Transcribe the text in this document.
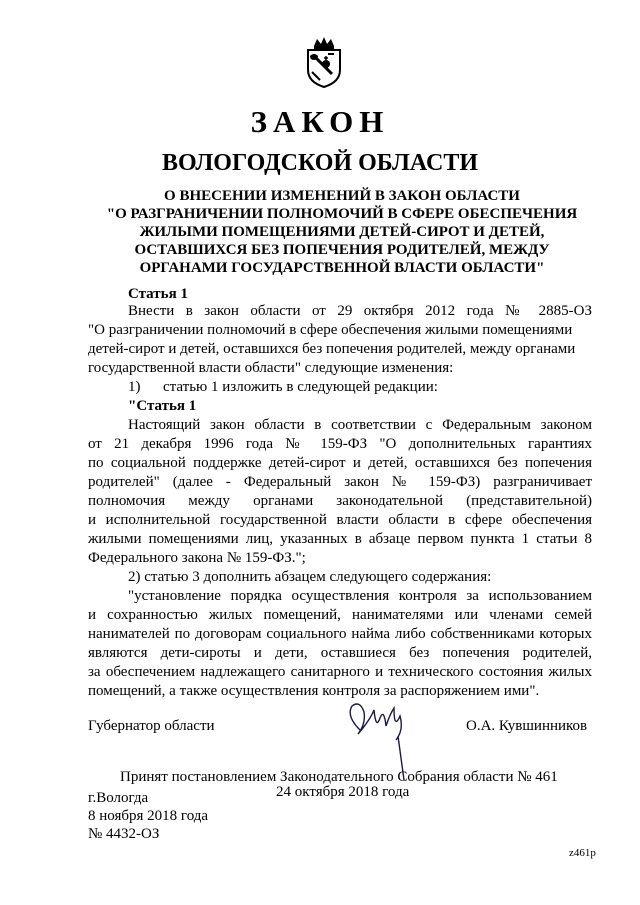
ЗАКОН
ВОЛОГОДСКОЙ ОБЛАСТИ
О ВНЕСЕНИИ ИЗМЕНЕНИЙ В ЗАКОН ОБЛАСТИ
"О РАЗГРАНИЧЕНИИ ПОЛНОМОЧИЙ В СФЕРЕ ОБЕСПЕЧЕНИЯ
ЖИЛЫМИ ПОМЕЩЕНИЯМИ ДЕТЕЙ-СИРОТ И ДЕТЕЙ,
ОСТАВШИХСЯ БЕЗ ПОПЕЧЕНИЯ РОДИТЕЛЕЙ, МЕЖДУ
ОРГАНАМИ ГОСУДАРСТВЕННОЙ ВЛАСТИ ОБЛАСТИ"
Статья 1
Внести в закон области от 29 октября 2012 года № 2885-ОЗ
"О разграничении полномочий в сфере обеспечения жилыми помещениями
детей-сирот и детей, оставшихся без попечения родителей, между органами
государственной власти области" следующие изменения:
1)      статью 1 изложить в следующей редакции:
"Статья 1
Настоящий закон области в соответствии с Федеральным законом
от 21 декабря 1996 года № 159-ФЗ "О дополнительных гарантиях
по социальной поддержке детей-сирот и детей, оставшихся без попечения
родителей" (далее - Федеральный закон № 159-ФЗ) разграничивает
полномочия между органами законодательной (представительной)
и исполнительной государственной власти области в сфере обеспечения
жилыми помещениями лиц, указанных в абзаце первом пункта 1 статьи 8
Федерального закона № 159-ФЗ.";
2) статью 3 дополнить абзацем следующего содержания:
"установление порядка осуществления контроля за использованием
и сохранностью жилых помещений, нанимателями или членами семей
нанимателей по договорам социального найма либо собственниками которых
являются дети-сироты и дети, оставшиеся без попечения родителей,
за обеспечением надлежащего санитарного и технического состояния жилых
помещений, а также осуществления контроля за распоряжением ими".
Губернатор области	О.А. Кувшинников
Принят постановлением Законодательного Собрания области № 461
24 октября 2018 года
г.Вологда
8 ноября 2018 года
№ 4432-ОЗ
z461p
